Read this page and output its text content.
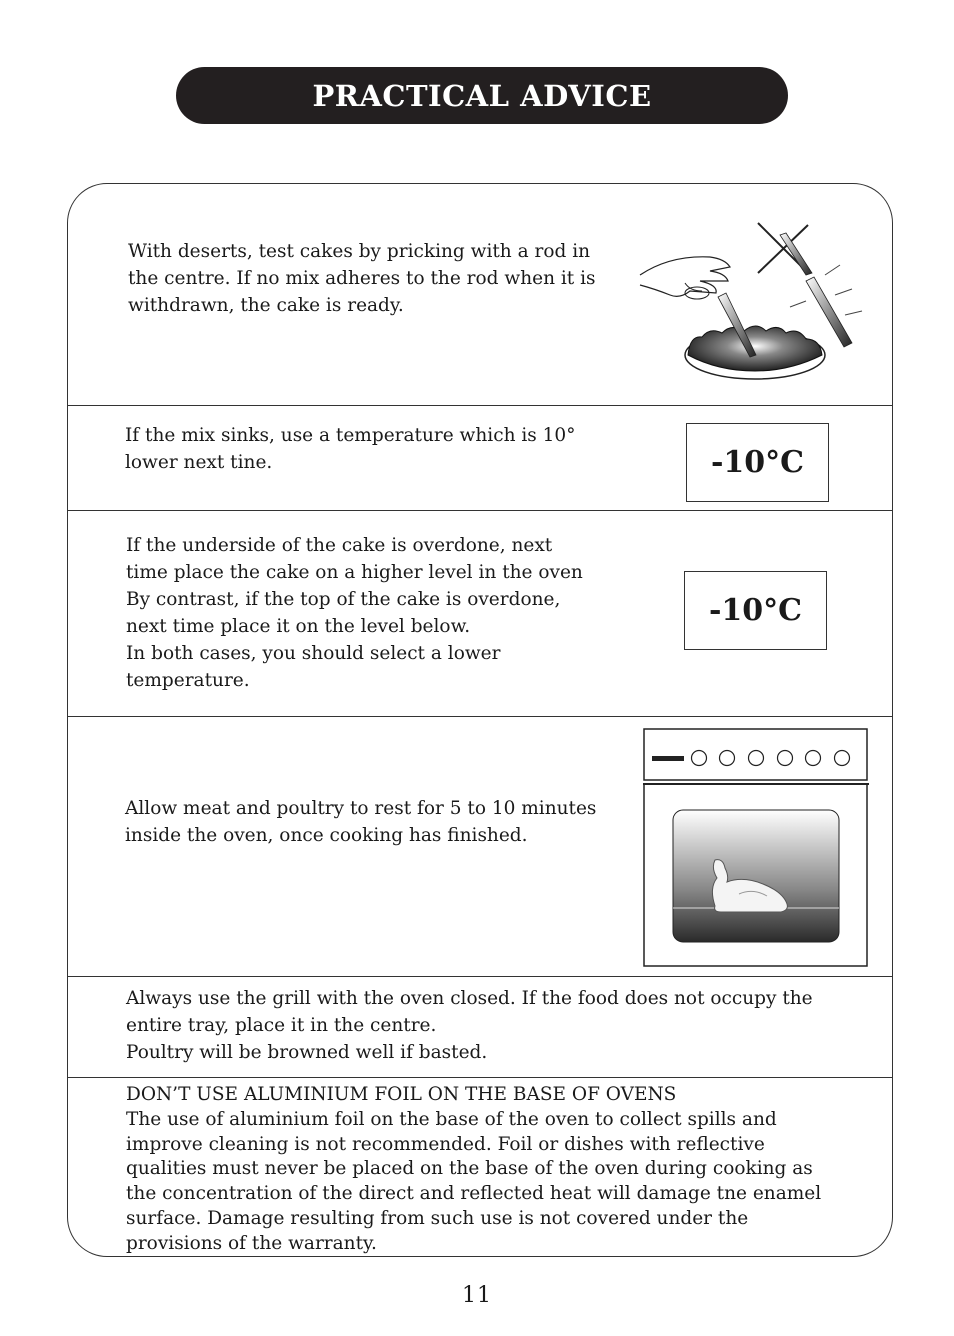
PRACTICAL ADVICE

With deserts, test cakes by pricking with a rod in the centre. If no mix adheres to the rod when it is withdrawn, the cake is ready.

If the mix sinks, use a temperature which is 10° lower next tine.	-10°C
If the underside of the cake is overdone, next
time place the cake on a higher level in the oven
By contrast, if the top of the cake is overdone,
next time place it on the level below.
In both cases, you should select a lower
temperature.
-10°C

Allow meat and poultry to rest for 5 to 10 minutes inside the oven, once cooking has finished.

Always use the grill with the oven closed. If the food does not occupy the
entire tray, place it in the centre.
Poultry will be browned well if basted.
DON’T USE ALUMINIUM FOIL ON THE BASE OF OVENS
The use of aluminium foil on the base of the oven to collect spills and
improve cleaning is not recommended. Foil or dishes with reflective
qualities must never be placed on the base of the oven during cooking as
the concentration of the direct and reflected heat will damage tne enamel
surface. Damage resulting from such use is not covered under the
provisions of the warranty.
11
